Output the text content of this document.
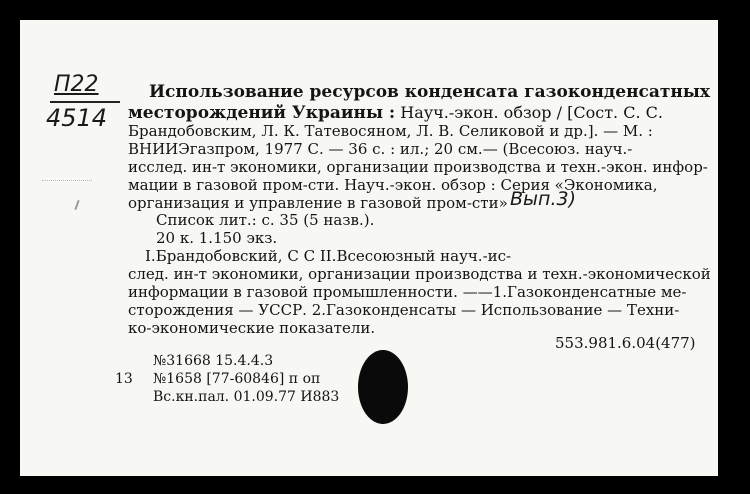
П22
4514
Использование ресурсов конденсата газоконденсатных
месторождений Украины : Науч.-экон. обзор / [Сост. С. С.
Брандобовским, Л. К. Татевосяном, Л. В. Селиковой и др.]. — М. :
ВНИИЭгазпром, 1977 С. — 36 с. : ил.; 20 см.— (Всесоюз. науч.-
исслед. ин-т экономики, организации производства и техн.-экон. инфор-
мации в газовой пром-сти. Науч.-экон. обзор : Серия «Экономика,
организация и управление в газовой пром-сти» Вып.3)
Список лит.: с. 35 (5 назв.).
20 к. 1.150 экз.
I.Брандобовский, С С II.Всесоюзный науч.-ис-
след. ин-т экономики, организации производства и техн.-экономической
информации в газовой промышленности. ——1.Газоконденсатные ме-
сторождения — УССР. 2.Газоконденсаты — Использование — Техни-
ко-экономические показатели.
553.981.6.04(477)
№31668 15.4.4.3
13 №1658 [77-60846] п оп
Вс.кн.пал. 01.09.77 И883
